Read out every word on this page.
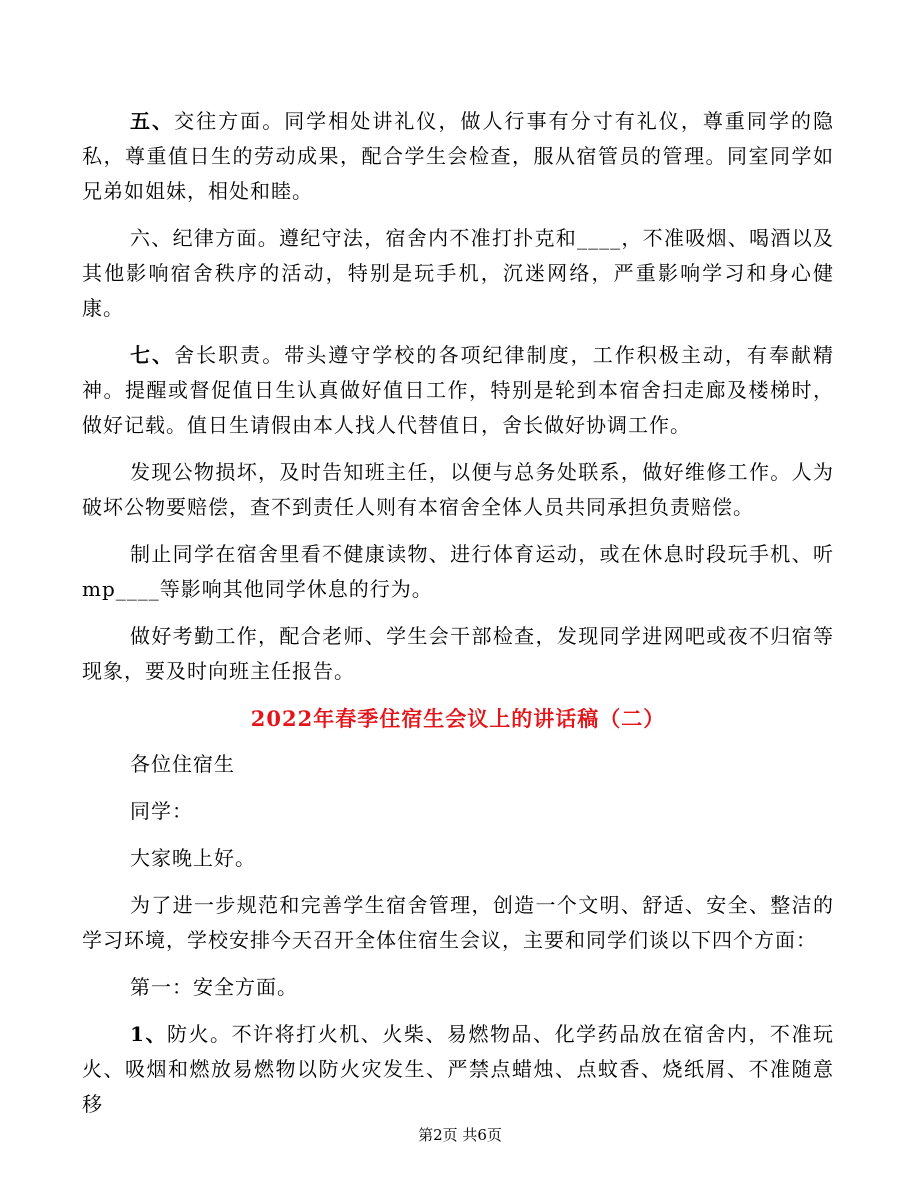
五、交往方面。同学相处讲礼仪，做人行事有分寸有礼仪，尊重同学的隐私，尊重值日生的劳动成果，配合学生会检查，服从宿管员的管理。同室同学如兄弟如姐妹，相处和睦。

六、纪律方面。遵纪守法，宿舍内不准打扑克和____，不准吸烟、喝酒以及其他影响宿舍秩序的活动，特别是玩手机，沉迷网络，严重影响学习和身心健康。

七、舍长职责。带头遵守学校的各项纪律制度，工作积极主动，有奉献精神。提醒或督促值日生认真做好值日工作，特别是轮到本宿舍扫走廊及楼梯时，做好记载。值日生请假由本人找人代替值日，舍长做好协调工作。

发现公物损坏，及时告知班主任，以便与总务处联系，做好维修工作。人为破坏公物要赔偿，查不到责任人则有本宿舍全体人员共同承担负责赔偿。

制止同学在宿舍里看不健康读物、进行体育运动，或在休息时段玩手机、听mp____等影响其他同学休息的行为。

做好考勤工作，配合老师、学生会干部检查，发现同学进网吧或夜不归宿等现象，要及时向班主任报告。

2022年春季住宿生会议上的讲话稿（二）

各位住宿生

同学：

大家晚上好。

为了进一步规范和完善学生宿舍管理，创造一个文明、舒适、安全、整洁的学习环境，学校安排今天召开全体住宿生会议，主要和同学们谈以下四个方面：

第一：安全方面。

1、防火。不许将打火机、火柴、易燃物品、化学药品放在宿舍内，不准玩火、吸烟和燃放易燃物以防火灾发生、严禁点蜡烛、点蚊香、烧纸屑、不准随意移

第2页 共6页
